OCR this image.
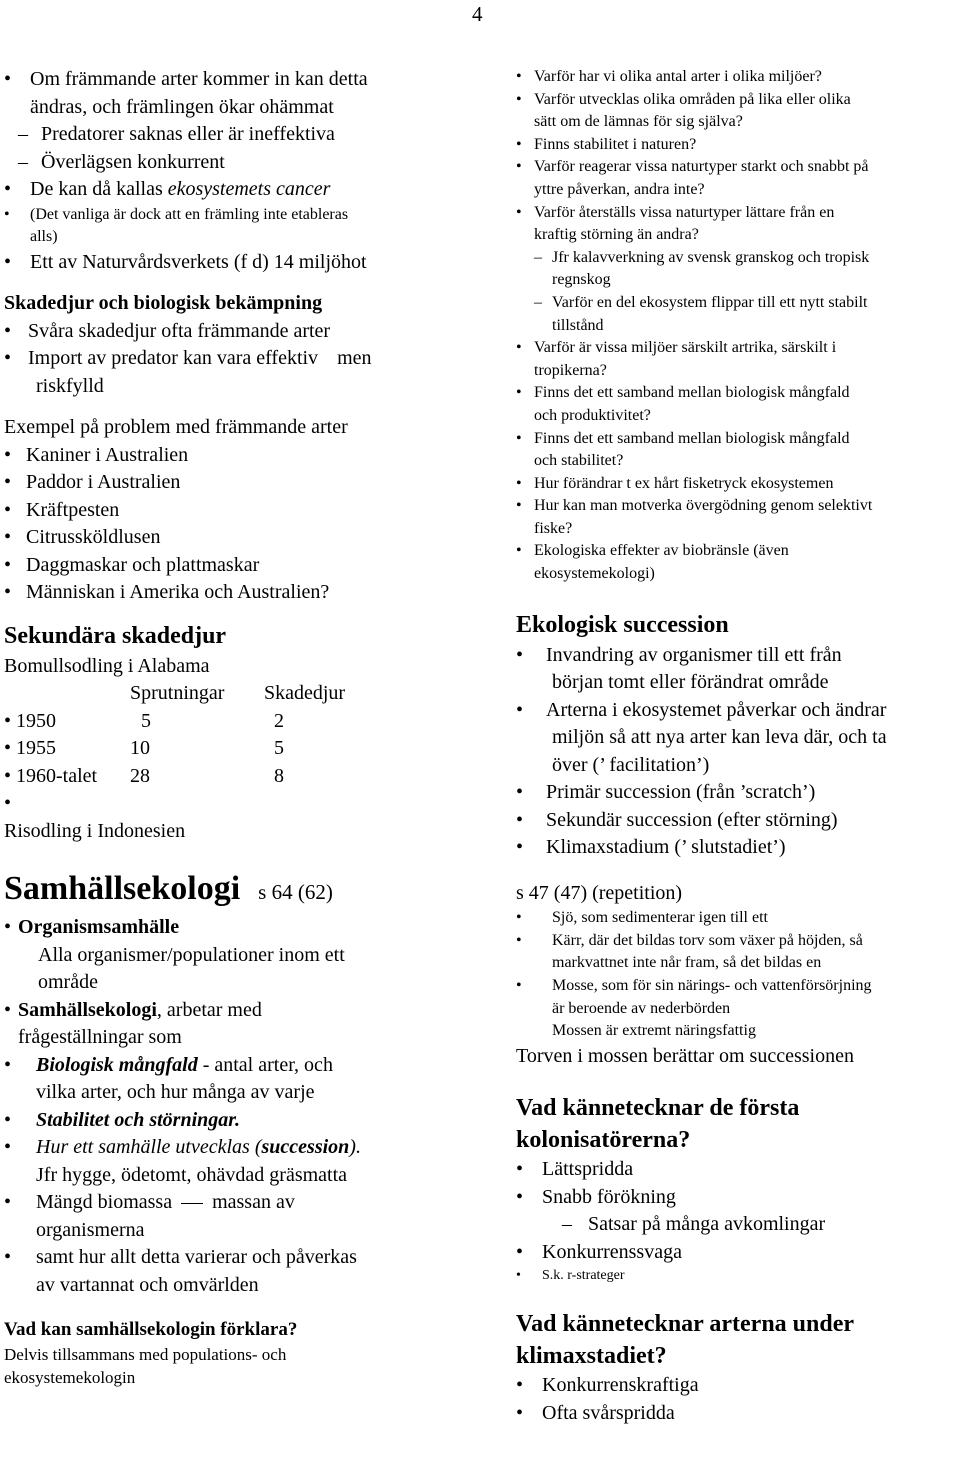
4

• Om främmande arter kommer in kan detta

ändras, och främlingen ökar ohämmat

– Predatorer saknas eller är ineffektiva

– Överlägsen konkurrent

• De kan då kallas ekosystemets cancer

• (Det vanliga är dock att en främling inte etableras

alls)

• Ett av Naturvårdsverkets (f d) 14 miljöhot

Skadedjur och biologisk bekämpning

• Svåra skadedjur ofta främmande arter

• Import av predator kan vara effektiv men

riskfylld

Exempel på problem med främmande arter

• Kaniner i Australien

• Paddor i Australien

• Kräftpesten

• Citrussköldlusen

• Daggmaskar och plattmaskar

• Människan i Amerika och Australien?

Sekundära skadedjur

Bomullsodling i Alabama

Sprutningar Skadedjur

• 1950	5	2

• 1955	10	5

• 1960-talet 28	8

•

Risodling i Indonesien

Samhällsekologi s 64 (62)

• Organismsamhälle

Alla organismer/populationer inom ett

område

• Samhällsekologi, arbetar med

frågeställningar som

• Biologisk mångfald - antal arter, och

vilka arter, och hur många av varje

• Stabilitet och störningar.

• Hur ett samhälle utvecklas (succession).

Jfr hygge, ödetomt, ohävdad gräsmatta

• Mängd biomassa massan av

organismerna

• samt hur allt detta varierar och påverkas

av vartannat och omvärlden

Vad kan samhällsekologin förklara?

Delvis tillsammans med populations- och

ekosystemekologin

• Varför har vi olika antal arter i olika miljöer?

• Varför utvecklas olika områden på lika eller olika

sätt om de lämnas för sig själva?

• Finns stabilitet i naturen?

• Varför reagerar vissa naturtyper starkt och snabbt på

yttre påverkan, andra inte?

• Varför återställs vissa naturtyper lättare från en

kraftig störning än andra?

– Jfr kalavverkning av svensk granskog och tropisk

regnskog

– Varför en del ekosystem flippar till ett nytt stabilt

tillstånd

• Varför är vissa miljöer särskilt artrika, särskilt i

tropikerna?

• Finns det ett samband mellan biologisk mångfald

och produktivitet?

• Finns det ett samband mellan biologisk mångfald

och stabilitet?

• Hur förändrar t ex hårt fisketryck ekosystemen

• Hur kan man motverka övergödning genom selektivt

fiske?

• Ekologiska effekter av biobränsle (även

ekosystemekologi)

Ekologisk succession

• Invandring av organismer till ett från

början tomt eller förändrat område

• Arterna i ekosystemet påverkar och ändrar

miljön så att nya arter kan leva där, och ta

över (’ facilitation’)

• Primär succession (från ’scratch’)

• Sekundär succession (efter störning)

• Klimaxstadium (’ slutstadiet’)

s 47 (47) (repetition)

• Sjö, som sedimenterar igen till ett

• Kärr, där det bildas torv som växer på höjden, så

markvattnet inte når fram, så det bildas en

• Mosse, som för sin närings- och vattenförsörjning

är beroende av nederbörden

Mossen är extremt näringsfattig

Torven i mossen berättar om successionen

Vad kännetecknar de första

kolonisatörerna?

• Lättspridda

• Snabb förökning

– Satsar på många avkomlingar

• Konkurrenssvaga

• S.k. r-strateger

Vad kännetecknar arterna under

klimaxstadiet?

• Konkurrenskraftiga

• Ofta svårspridda
